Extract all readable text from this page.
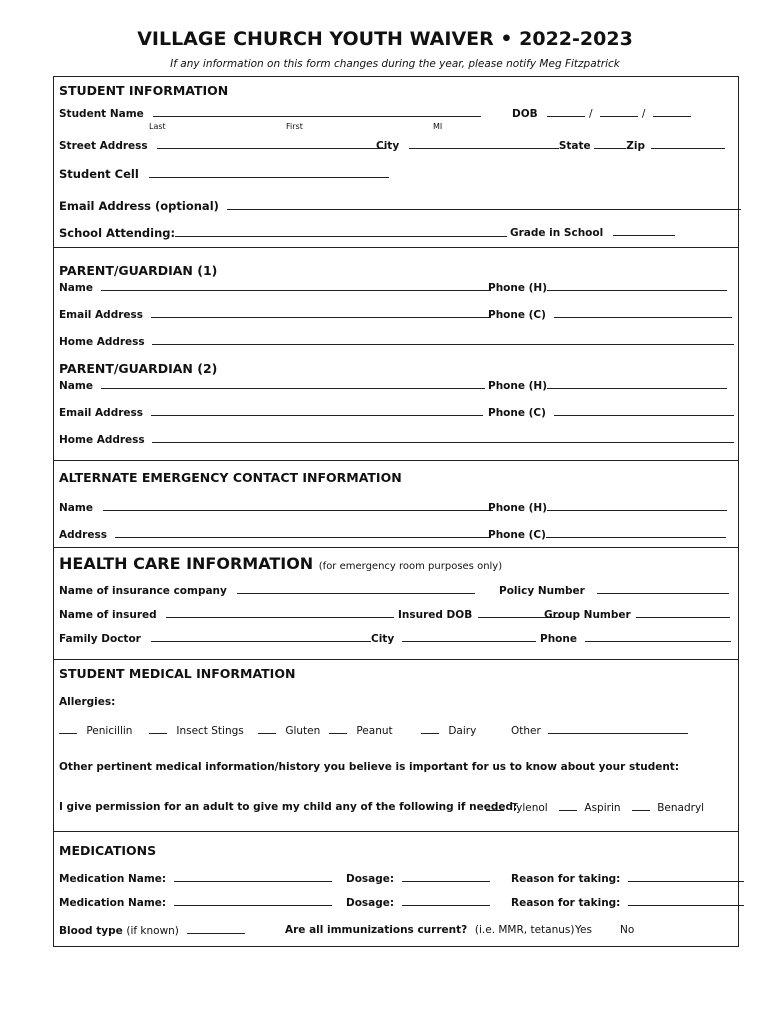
VILLAGE CHURCH YOUTH WAIVER • 2022-2023
If any information on this form changes during the year, please notify Meg Fitzpatrick
STUDENT INFORMATION
Student Name
Last	First	MI
DOB	/	/
Street Address	City	State	Zip
Student Cell
Email Address (optional)
School Attending:	Grade in School
PARENT/GUARDIAN (1)
Name	Phone (H)
Email Address	Phone (C)
Home Address
PARENT/GUARDIAN (2)
Name	Phone (H)
Email Address	Phone (C)
Home Address
ALTERNATE EMERGENCY CONTACT INFORMATION
Name	Phone (H)
Address	Phone (C)
HEALTH CARE INFORMATION (for emergency room purposes only)
Name of insurance company	Policy Number
Name of insured	Insured DOB	Group Number
Family Doctor	City	Phone
STUDENT MEDICAL INFORMATION
Allergies:
Penicillin	Insect Stings	Gluten	Peanut	Dairy	Other
Other pertinent medical information/history you believe is important for us to know about your student:
I give permission for an adult to give my child any of the following if needed:
Tylenol	Aspirin	Benadryl
MEDICATIONS
Medication Name:	Dosage:	Reason for taking:
Medication Name:	Dosage:	Reason for taking:
Blood type (if known)	Are all immunizations current? (i.e. MMR, tetanus) Yes	No
